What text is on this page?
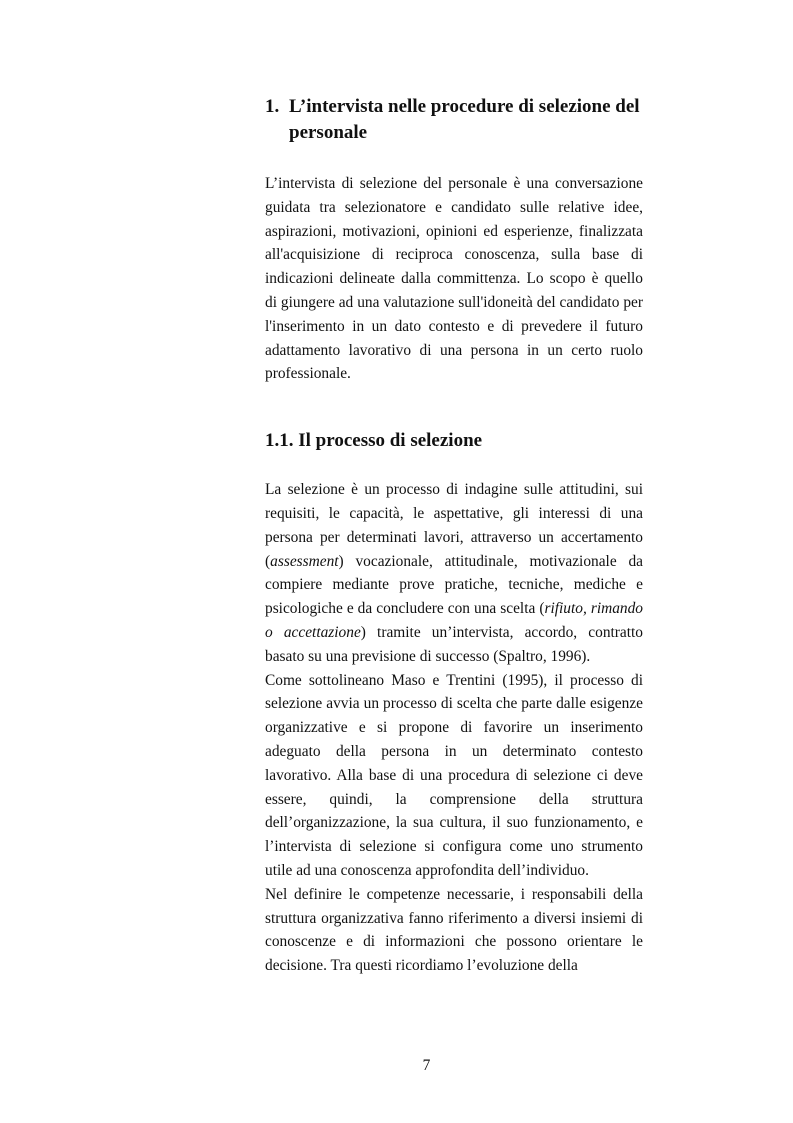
1. L’intervista nelle procedure di selezione del personale

L’intervista di selezione del personale è una conversazione guidata tra selezionatore e candidato sulle relative idee, aspirazioni, motivazioni, opinioni ed esperienze, finalizzata all'acquisizione di reciproca conoscenza, sulla base di indicazioni delineate dalla committenza. Lo scopo è quello di giungere ad una valutazione sull'idoneità del candidato per l'inserimento in un dato contesto e di prevedere il futuro adattamento lavorativo di una persona in un certo ruolo professionale.

1.1. Il processo di selezione

La selezione è un processo di indagine sulle attitudini, sui requisiti, le capacità, le aspettative, gli interessi di una persona per determinati lavori, attraverso un accertamento (assessment) vocazionale, attitudinale, motivazionale da compiere mediante prove pratiche, tecniche, mediche e psicologiche e da concludere con una scelta (rifiuto, rimando o accettazione) tramite un’intervista, accordo, contratto basato su una previsione di successo (Spaltro, 1996).

Come sottolineano Maso e Trentini (1995), il processo di selezione avvia un processo di scelta che parte dalle esigenze organizzative e si propone di favorire un inserimento adeguato della persona in un determinato contesto lavorativo. Alla base di una procedura di selezione ci deve essere, quindi, la comprensione della struttura dell’organizzazione, la sua cultura, il suo funzionamento, e l’intervista di selezione si configura come uno strumento utile ad una conoscenza approfondita dell’individuo.

Nel definire le competenze necessarie, i responsabili della struttura organizzativa fanno riferimento a diversi insiemi di conoscenze e di informazioni che possono orientare le decisione. Tra questi ricordiamo l’evoluzione della

7
